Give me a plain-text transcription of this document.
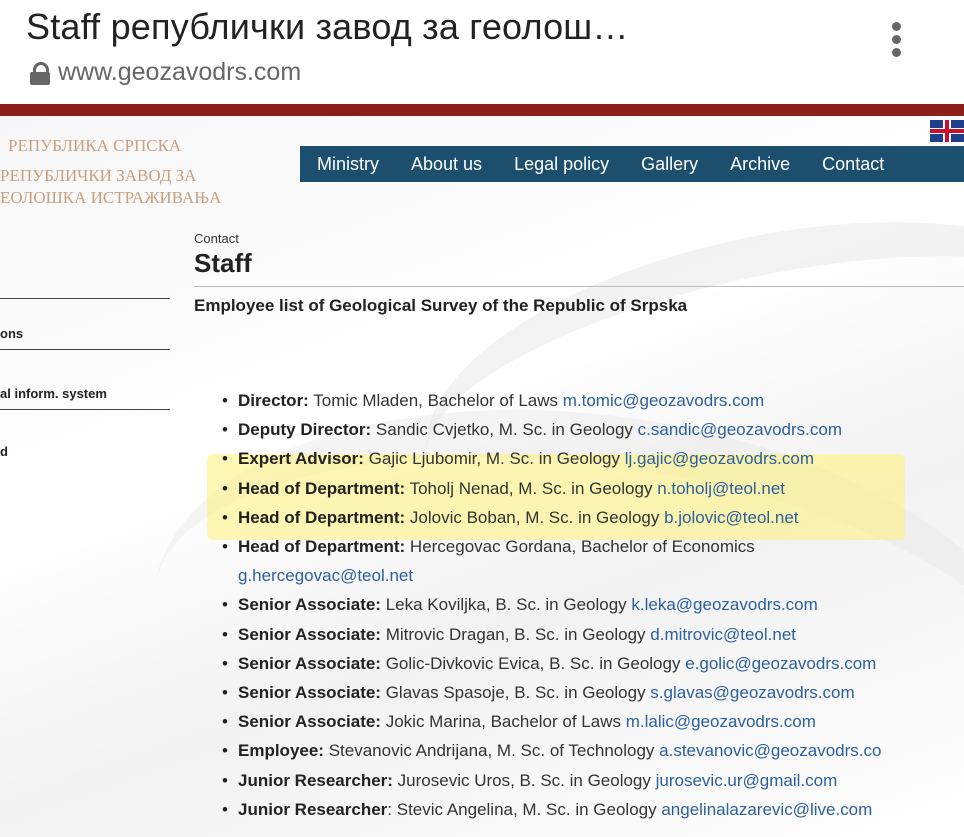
Staff републички завод за геолош…
www.geozavodrs.com
РЕПУБЛИКА СРПСКА
РЕПУБЛИЧКИ ЗАВОД ЗА
ЕОЛОШКА ИСТРАЖИВАЊА
Ministry	About us	Legal policy	Gallery	Archive	Contact
ons
al inform. system
d
Contact
Staff
Employee list of Geological Survey of the Republic of Srpska
• Director: Tomic Mladen, Bachelor of Laws m.tomic@geozavodrs.com
• Deputy Director: Sandic Cvjetko, M. Sc. in Geology c.sandic@geozavodrs.com
• Expert Advisor: Gajic Ljubomir, M. Sc. in Geology lj.gajic@geozavodrs.com
• Head of Department: Toholj Nenad, M. Sc. in Geology n.toholj@teol.net
• Head of Department: Jolovic Boban, M. Sc. in Geology b.jolovic@teol.net
• Head of Department: Hercegovac Gordana, Bachelor of Economics g.hercegovac@teol.net
• Senior Associate: Leka Koviljka, B. Sc. in Geology k.leka@geozavodrs.com
• Senior Associate: Mitrovic Dragan, B. Sc. in Geology d.mitrovic@teol.net
• Senior Associate: Golic-Divkovic Evica, B. Sc. in Geology e.golic@geozavodrs.com
• Senior Associate: Glavas Spasoje, B. Sc. in Geology s.glavas@geozavodrs.com
• Senior Associate: Jokic Marina, Bachelor of Laws m.lalic@geozavodrs.com
• Employee: Stevanovic Andrijana, M. Sc. of Technology a.stevanovic@geozavodrs.co
• Junior Researcher: Jurosevic Uros, B. Sc. in Geology jurosevic.ur@gmail.com
• Junior Researcher: Stevic Angelina, M. Sc. in Geology angelinalazarevic@live.com
